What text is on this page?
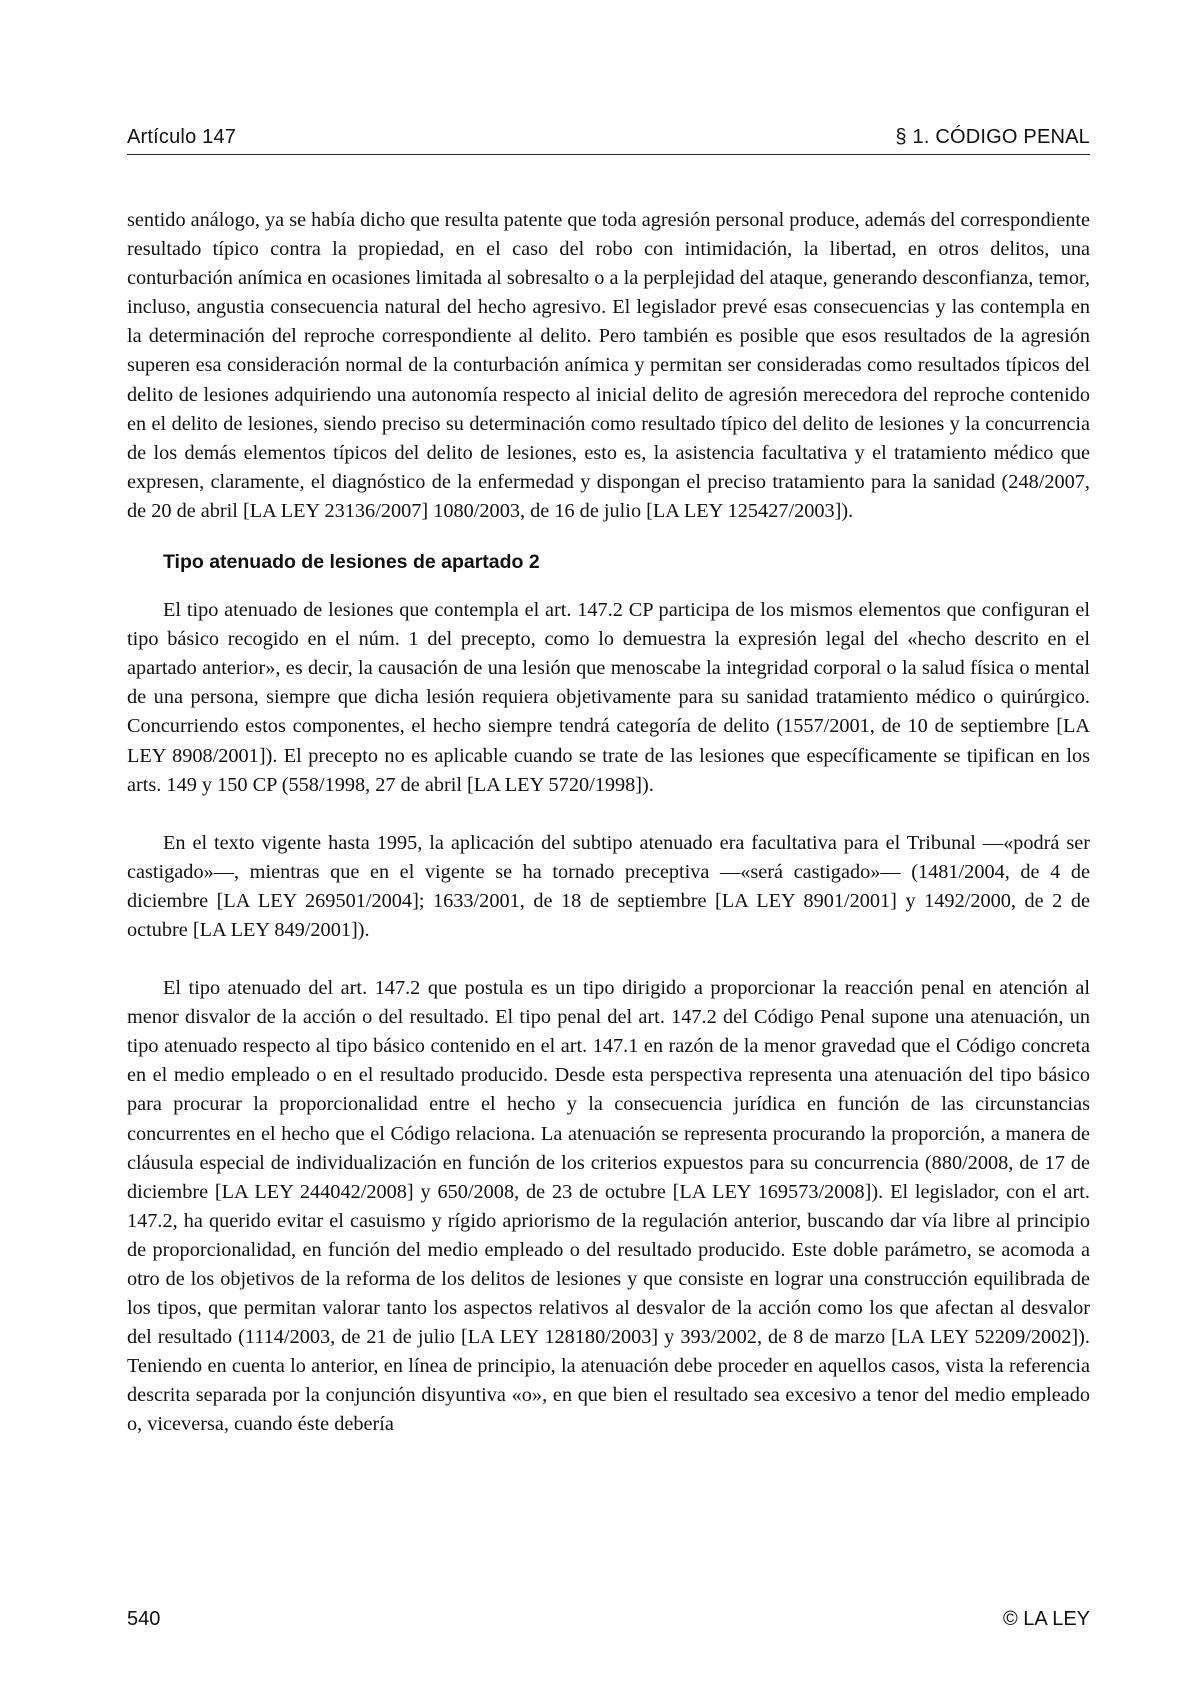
Artículo 147	§ 1. CÓDIGO PENAL

sentido análogo, ya se había dicho que resulta patente que toda agresión personal produce, además del correspondiente resultado típico contra la propiedad, en el caso del robo con intimidación, la libertad, en otros delitos, una conturbación anímica en ocasiones limitada al sobresalto o a la perplejidad del ataque, generando desconfianza, temor, incluso, angustia consecuencia natural del hecho agresivo. El legislador prevé esas consecuencias y las contempla en la determinación del reproche correspondiente al delito. Pero también es posible que esos resultados de la agresión superen esa consideración normal de la conturbación anímica y permitan ser consideradas como resultados típicos del delito de lesiones adquiriendo una autonomía respecto al inicial delito de agresión merecedora del reproche contenido en el delito de lesiones, siendo preciso su determinación como resultado típico del delito de lesiones y la concurrencia de los demás elementos típicos del delito de lesiones, esto es, la asistencia facultativa y el tratamiento médico que expresen, claramente, el diagnóstico de la enfermedad y dispongan el preciso tratamiento para la sanidad (248/2007, de 20 de abril [LA LEY 23136/2007] 1080/2003, de 16 de julio [LA LEY 125427/2003]).

Tipo atenuado de lesiones de apartado 2

El tipo atenuado de lesiones que contempla el art. 147.2 CP participa de los mismos elementos que configuran el tipo básico recogido en el núm. 1 del precepto, como lo demuestra la expresión legal del «hecho descrito en el apartado anterior», es decir, la causación de una lesión que menoscabe la integridad corporal o la salud física o mental de una persona, siempre que dicha lesión requiera objetivamente para su sanidad tratamiento médico o quirúrgico. Concurriendo estos componentes, el hecho siempre tendrá categoría de delito (1557/2001, de 10 de septiembre [LA LEY 8908/2001]). El precepto no es aplicable cuando se trate de las lesiones que específicamente se tipifican en los arts. 149 y 150 CP (558/1998, 27 de abril [LA LEY 5720/1998]).

En el texto vigente hasta 1995, la aplicación del subtipo atenuado era facultativa para el Tribunal —«podrá ser castigado»—, mientras que en el vigente se ha tornado preceptiva —«será castigado»— (1481/2004, de 4 de diciembre [LA LEY 269501/2004]; 1633/2001, de 18 de septiembre [LA LEY 8901/2001] y 1492/2000, de 2 de octubre [LA LEY 849/2001]).

El tipo atenuado del art. 147.2 que postula es un tipo dirigido a proporcionar la reacción penal en atención al menor disvalor de la acción o del resultado. El tipo penal del art. 147.2 del Código Penal supone una atenuación, un tipo atenuado respecto al tipo básico contenido en el art. 147.1 en razón de la menor gravedad que el Código concreta en el medio empleado o en el resultado producido. Desde esta perspectiva representa una atenuación del tipo básico para procurar la proporcionalidad entre el hecho y la consecuencia jurídica en función de las circunstancias concurrentes en el hecho que el Código relaciona. La atenuación se representa procurando la proporción, a manera de cláusula especial de individualización en función de los criterios expuestos para su concurrencia (880/2008, de 17 de diciembre [LA LEY 244042/2008] y 650/2008, de 23 de octubre [LA LEY 169573/2008]). El legislador, con el art. 147.2, ha querido evitar el casuismo y rígido apriorismo de la regulación anterior, buscando dar vía libre al principio de proporcionalidad, en función del medio empleado o del resultado producido. Este doble parámetro, se acomoda a otro de los objetivos de la reforma de los delitos de lesiones y que consiste en lograr una construcción equilibrada de los tipos, que permitan valorar tanto los aspectos relativos al desvalor de la acción como los que afectan al desvalor del resultado (1114/2003, de 21 de julio [LA LEY 128180/2003] y 393/2002, de 8 de marzo [LA LEY 52209/2002]). Teniendo en cuenta lo anterior, en línea de principio, la atenuación debe proceder en aquellos casos, vista la referencia descrita separada por la conjunción disyuntiva «o», en que bien el resultado sea excesivo a tenor del medio empleado o, viceversa, cuando éste debería

540	© LA LEY
